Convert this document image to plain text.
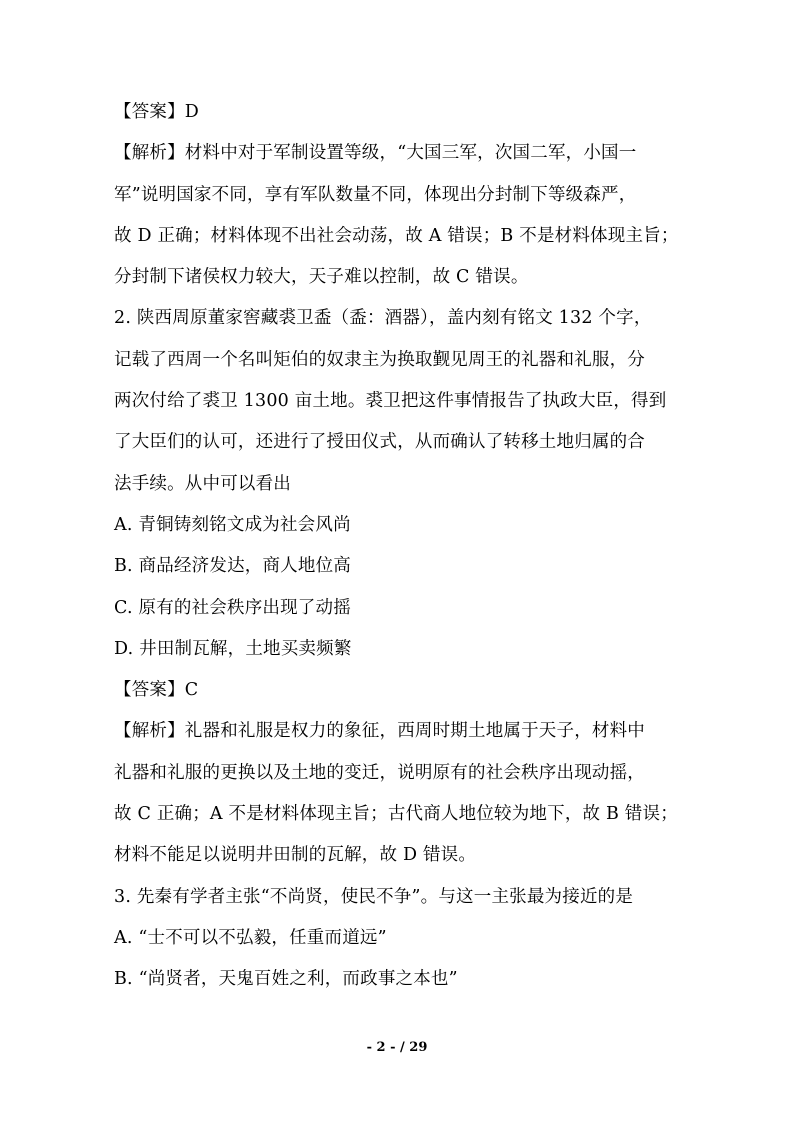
【答案】D
【解析】材料中对于军制设置等级，“大国三军，次国二军，小国一
军”说明国家不同，享有军队数量不同，体现出分封制下等级森严，
故 D 正确；材料体现不出社会动荡，故 A 错误；B 不是材料体现主旨；
分封制下诸侯权力较大，天子难以控制，故 C 错误。
2. 陕西周原董家窖藏裘卫盉（盉：酒器），盖内刻有铭文 132 个字，
记载了西周一个名叫矩伯的奴隶主为换取觐见周王的礼器和礼服，分
两次付给了裘卫 1300 亩土地。裘卫把这件事情报告了执政大臣，得到
了大臣们的认可，还进行了授田仪式，从而确认了转移土地归属的合
法手续。从中可以看出
A. 青铜铸刻铭文成为社会风尚
B. 商品经济发达，商人地位高
C. 原有的社会秩序出现了动摇
D. 井田制瓦解，土地买卖频繁
【答案】C
【解析】礼器和礼服是权力的象征，西周时期土地属于天子，材料中
礼器和礼服的更换以及土地的变迁，说明原有的社会秩序出现动摇，
故 C 正确；A 不是材料体现主旨；古代商人地位较为地下，故 B 错误；
材料不能足以说明井田制的瓦解，故 D 错误。
3. 先秦有学者主张“不尚贤，使民不争”。与这一主张最为接近的是
A. “士不可以不弘毅，任重而道远”
B. “尚贤者，天鬼百姓之利，而政事之本也”
- 2 - / 29
